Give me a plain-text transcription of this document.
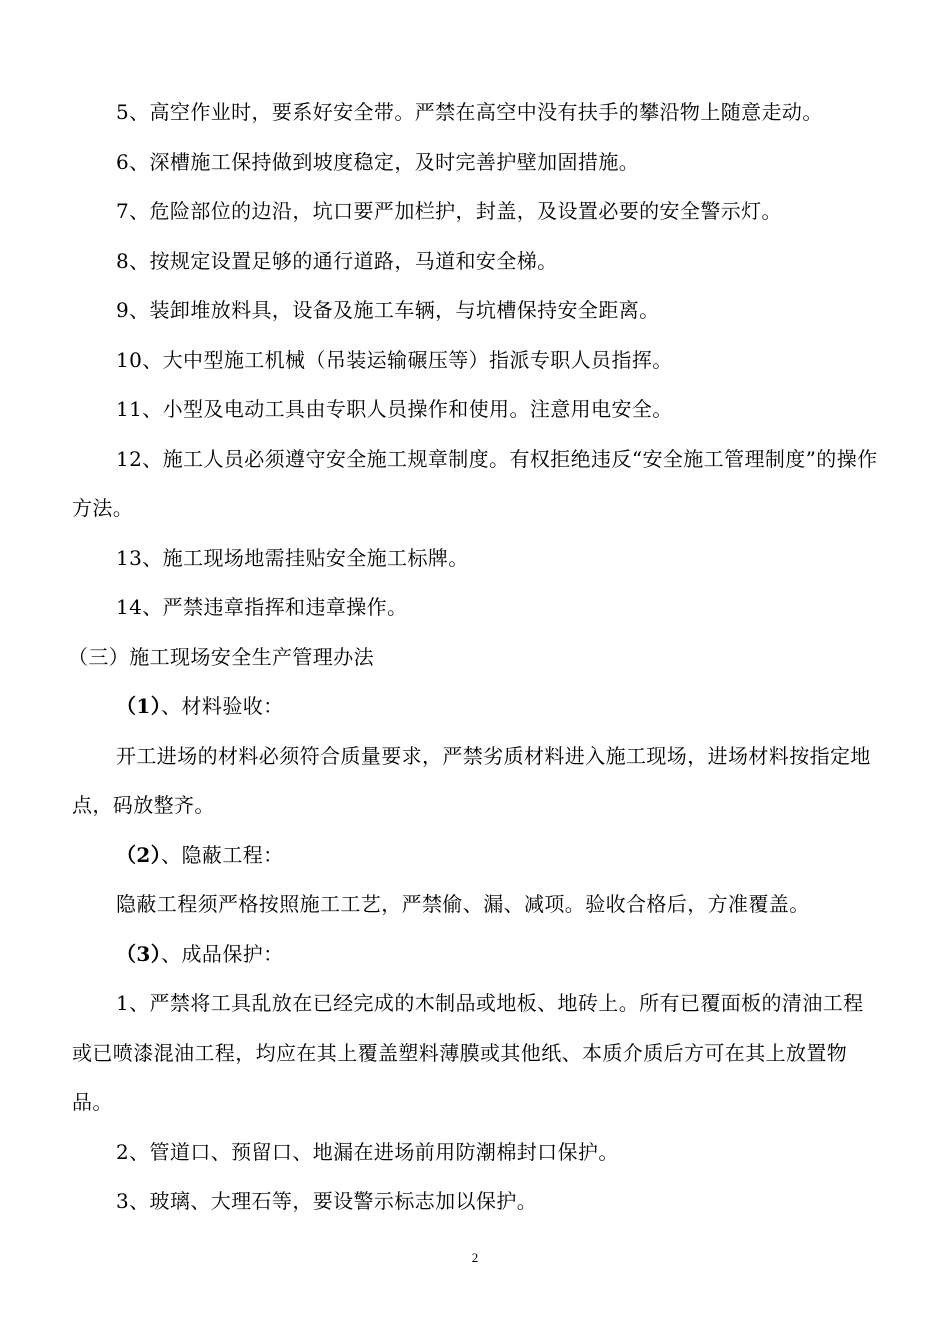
5、高空作业时，要系好安全带。严禁在高空中没有扶手的攀沿物上随意走动。

6、深槽施工保持做到坡度稳定，及时完善护壁加固措施。

7、危险部位的边沿，坑口要严加栏护，封盖，及设置必要的安全警示灯。

8、按规定设置足够的通行道路，马道和安全梯。

9、装卸堆放料具，设备及施工车辆，与坑槽保持安全距离。

10、大中型施工机械（吊装运输碾压等）指派专职人员指挥。

11、小型及电动工具由专职人员操作和使用。注意用电安全。

12、施工人员必须遵守安全施工规章制度。有权拒绝违反“安全施工管理制度”的操作方法。

13、施工现场地需挂贴安全施工标牌。

14、严禁违章指挥和违章操作。

（三）施工现场安全生产管理办法

（1）、材料验收：

开工进场的材料必须符合质量要求，严禁劣质材料进入施工现场，进场材料按指定地点，码放整齐。

（2）、隐蔽工程：

隐蔽工程须严格按照施工工艺，严禁偷、漏、减项。验收合格后，方准覆盖。

（3）、成品保护：

1、严禁将工具乱放在已经完成的木制品或地板、地砖上。所有已覆面板的清油工程或已喷漆混油工程，均应在其上覆盖塑料薄膜或其他纸、本质介质后方可在其上放置物品。

2、管道口、预留口、地漏在进场前用防潮棉封口保护。

3、玻璃、大理石等，要设警示标志加以保护。

2
